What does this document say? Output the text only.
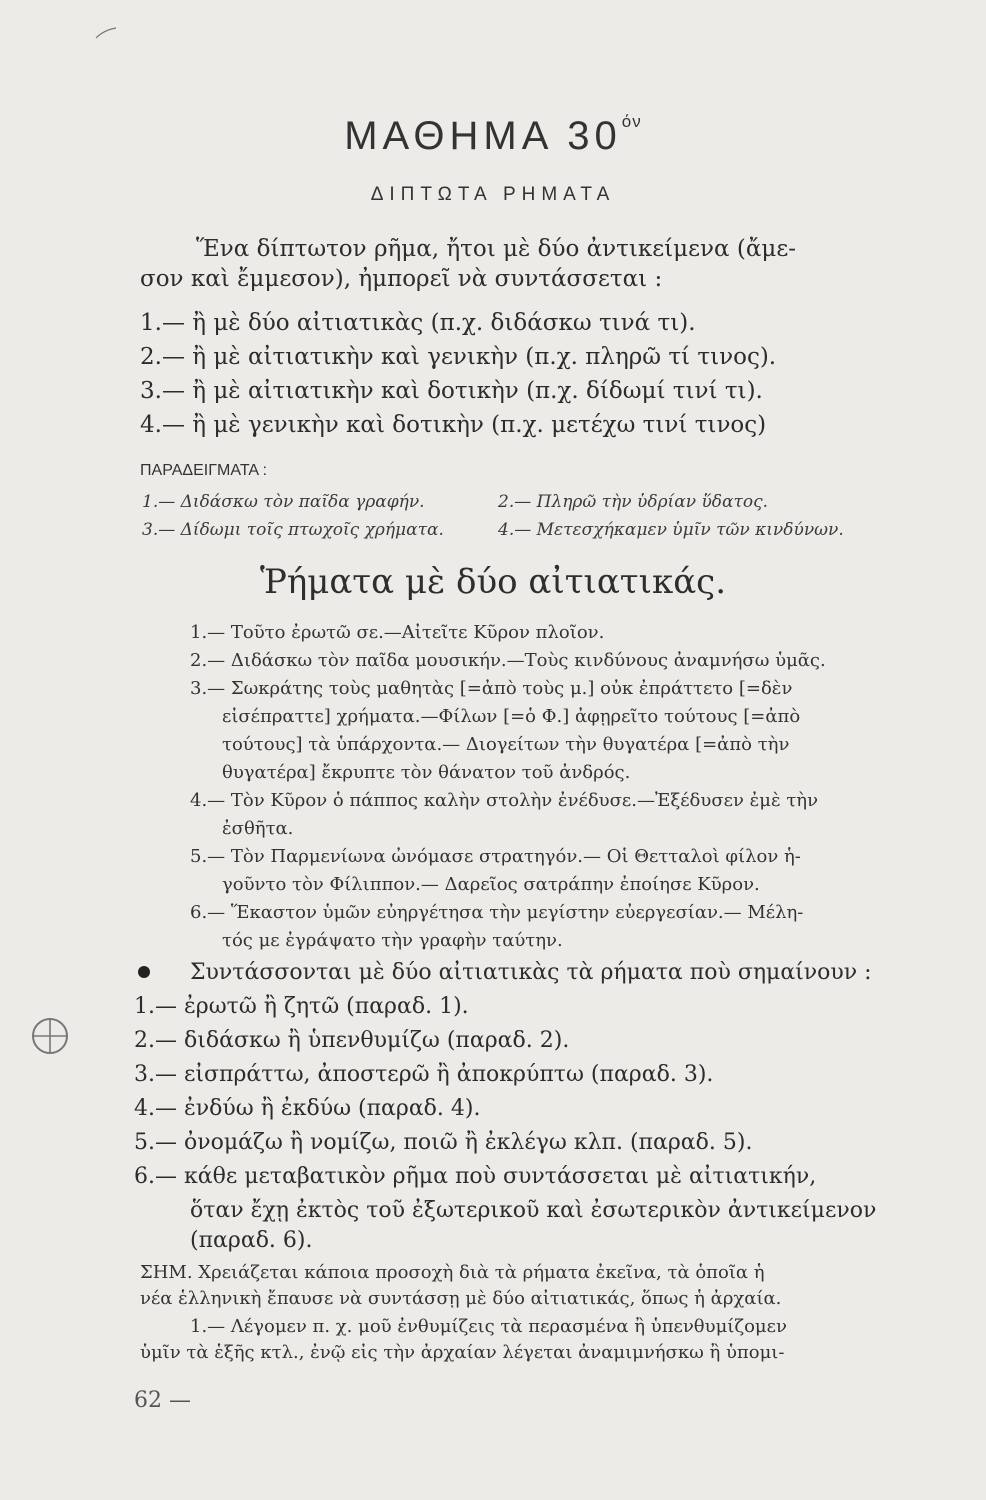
ΜΑΘΗΜΑ $30^{ό\nu}$
ΔΙΠΤΩΤΑ ΡΗΜΑΤΑ
Ἕνα δίπτωτον ρῆμα, ἤτοι μὲ δύο ἀντικείμενα (ἄμε-
σον καὶ ἔμμεσον), ἠμπορεῖ νὰ συντάσσεται :
1.— ἢ μὲ δύο αἰτιατικὰς (π.χ. διδάσκω τινά τι).
2.— ἢ μὲ αἰτιατικὴν καὶ γενικὴν (π.χ. πληρῶ τί τινος).
3.— ἢ μὲ αἰτιατικὴν καὶ δοτικὴν (π.χ. δίδωμί τινί τι).
4.— ἢ μὲ γενικὴν καὶ δοτικὴν (π.χ. μετέχω τινί τινος)
ΠΑΡΑΔΕΙΓΜΑΤΑ :
1.— Διδάσκω τὸν παῖδα γραφήν.	2.— Πληρῶ τὴν ὑδρίαν ὕδατος.
3.— Δίδωμι τοῖς πτωχοῖς χρήματα.	4.— Μετεσχήκαμεν ὑμῖν τῶν κινδύνων.
Ῥήματα μὲ δύο αἰτιατικάς.
1.— Τοῦτο ἐρωτῶ σε.—Αἰτεῖτε Κῦρον πλοῖον.
2.— Διδάσκω τὸν παῖδα μουσικήν.—Τοὺς κινδύνους ἀναμνήσω ὑμᾶς.
3.— Σωκράτης τοὺς μαθητὰς [=ἀπὸ τοὺς μ.] οὐκ ἐπράττετο [=δὲν
εἰσέπραττε] χρήματα.—Φίλων [=ὁ Φ.] ἀφῃρεῖτο τούτους [=ἀπὸ
τούτους] τὰ ὑπάρχοντα.— Διογείτων τὴν θυγατέρα [=ἀπὸ τὴν
θυγατέρα] ἔκρυπτε τὸν θάνατον τοῦ ἀνδρός.
4.— Τὸν Κῦρον ὁ πάππος καλὴν στολὴν ἐνέδυσε.—Ἐξέδυσεν ἐμὲ τὴν
ἐσθῆτα.
5.— Τὸν Παρμενίωνα ὠνόμασε στρατηγόν.— Οἱ Θετταλοὶ φίλον ἡ-
γοῦντο τὸν Φίλιππον.— Δαρεῖος σατράπην ἐποίησε Κῦρον.
6.— Ἕκαστον ὑμῶν εὐηργέτησα τὴν μεγίστην εὐεργεσίαν.— Μέλη-
τός με ἐγράψατο τὴν γραφὴν ταύτην.
Συντάσσονται μὲ δύο αἰτιατικὰς τὰ ρήματα ποὺ σημαίνουν :
1.— ἐρωτῶ ἢ ζητῶ (παραδ. 1).
2.— διδάσκω ἢ ὑπενθυμίζω (παραδ. 2).
3.— εἰσπράττω, ἀποστερῶ ἢ ἀποκρύπτω (παραδ. 3).
4.— ἐνδύω ἢ ἐκδύω (παραδ. 4).
5.— ὀνομάζω ἢ νομίζω, ποιῶ ἢ ἐκλέγω κλπ. (παραδ. 5).
6.— κάθε μεταβατικὸν ρῆμα ποὺ συντάσσεται μὲ αἰτιατικήν,
ὅταν ἔχῃ ἐκτὸς τοῦ ἐξωτερικοῦ καὶ ἐσωτερικὸν ἀντικείμενον
(παραδ. 6).
ΣΗΜ. Χρειάζεται κάποια προσοχὴ διὰ τὰ ρήματα ἐκεῖνα, τὰ ὁποῖα ἡ
νέα ἑλληνικὴ ἔπαυσε νὰ συντάσσῃ μὲ δύο αἰτιατικάς, ὅπως ἡ ἀρχαία.
1.— Λέγομεν π. χ. μοῦ ἐνθυμίζεις τὰ περασμένα ἢ ὑπενθυμίζομεν
ὑμῖν τὰ ἑξῆς κτλ., ἐνῷ εἰς τὴν ἀρχαίαν λέγεται ἀναμιμνήσκω ἢ ὑπομι-
62 —
